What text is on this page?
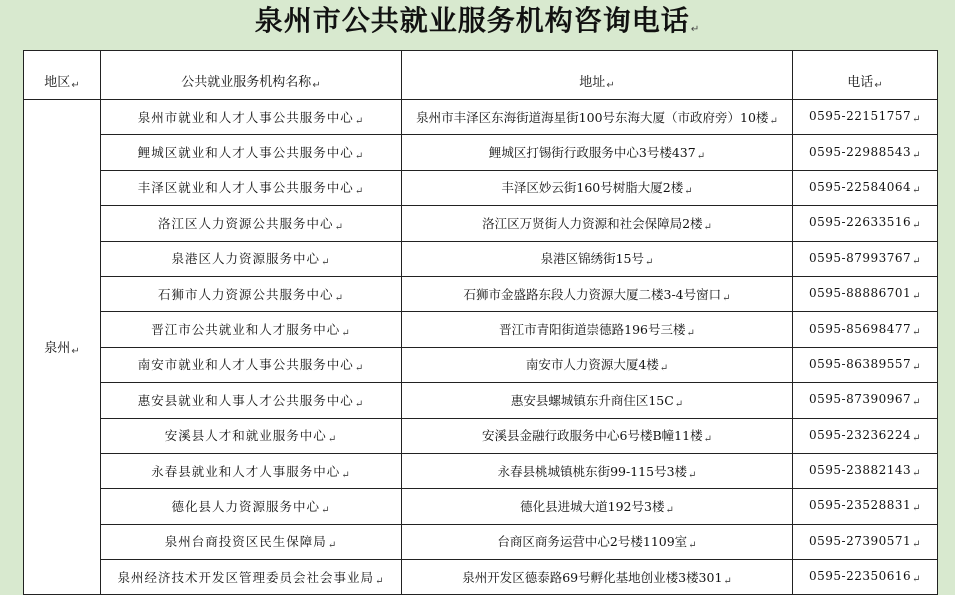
泉州市公共就业服务机构咨询电话↵
地区↵	公共就业服务机构名称↵	地址↵	电话↵
泉州↵	泉州市就业和人才人事公共服务中心↵	泉州市丰泽区东海街道海星街100号东海大厦（市政府旁）10楼↵	0595-22151757↵
	鲤城区就业和人才人事公共服务中心↵	鲤城区打锡街行政服务中心3号楼437↵	0595-22988543↵
	丰泽区就业和人才人事公共服务中心↵	丰泽区妙云街160号树脂大厦2楼↵	0595-22584064↵
	洛江区人力资源公共服务中心↵	洛江区万贤街人力资源和社会保障局2楼↵	0595-22633516↵
	泉港区人力资源服务中心↵	泉港区锦绣街15号↵	0595-87993767↵
	石狮市人力资源公共服务中心↵	石狮市金盛路东段人力资源大厦二楼3-4号窗口↵	0595-88886701↵
	晋江市公共就业和人才服务中心↵	晋江市青阳街道崇德路196号三楼↵	0595-85698477↵
	南安市就业和人才人事公共服务中心↵	南安市人力资源大厦4楼↵	0595-86389557↵
	惠安县就业和人事人才公共服务中心↵	惠安县螺城镇东升商住区15C↵	0595-87390967↵
	安溪县人才和就业服务中心↵	安溪县金融行政服务中心6号楼B幢11楼↵	0595-23236224↵
	永春县就业和人才人事服务中心↵	永春县桃城镇桃东街99-115号3楼↵	0595-23882143↵
	德化县人力资源服务中心↵	德化县进城大道192号3楼↵	0595-23528831↵
	泉州台商投资区民生保障局↵	台商区商务运营中心2号楼1109室↵	0595-27390571↵
	泉州经济技术开发区管理委员会社会事业局↵	泉州开发区德泰路69号孵化基地创业楼3楼301↵	0595-22350616↵
